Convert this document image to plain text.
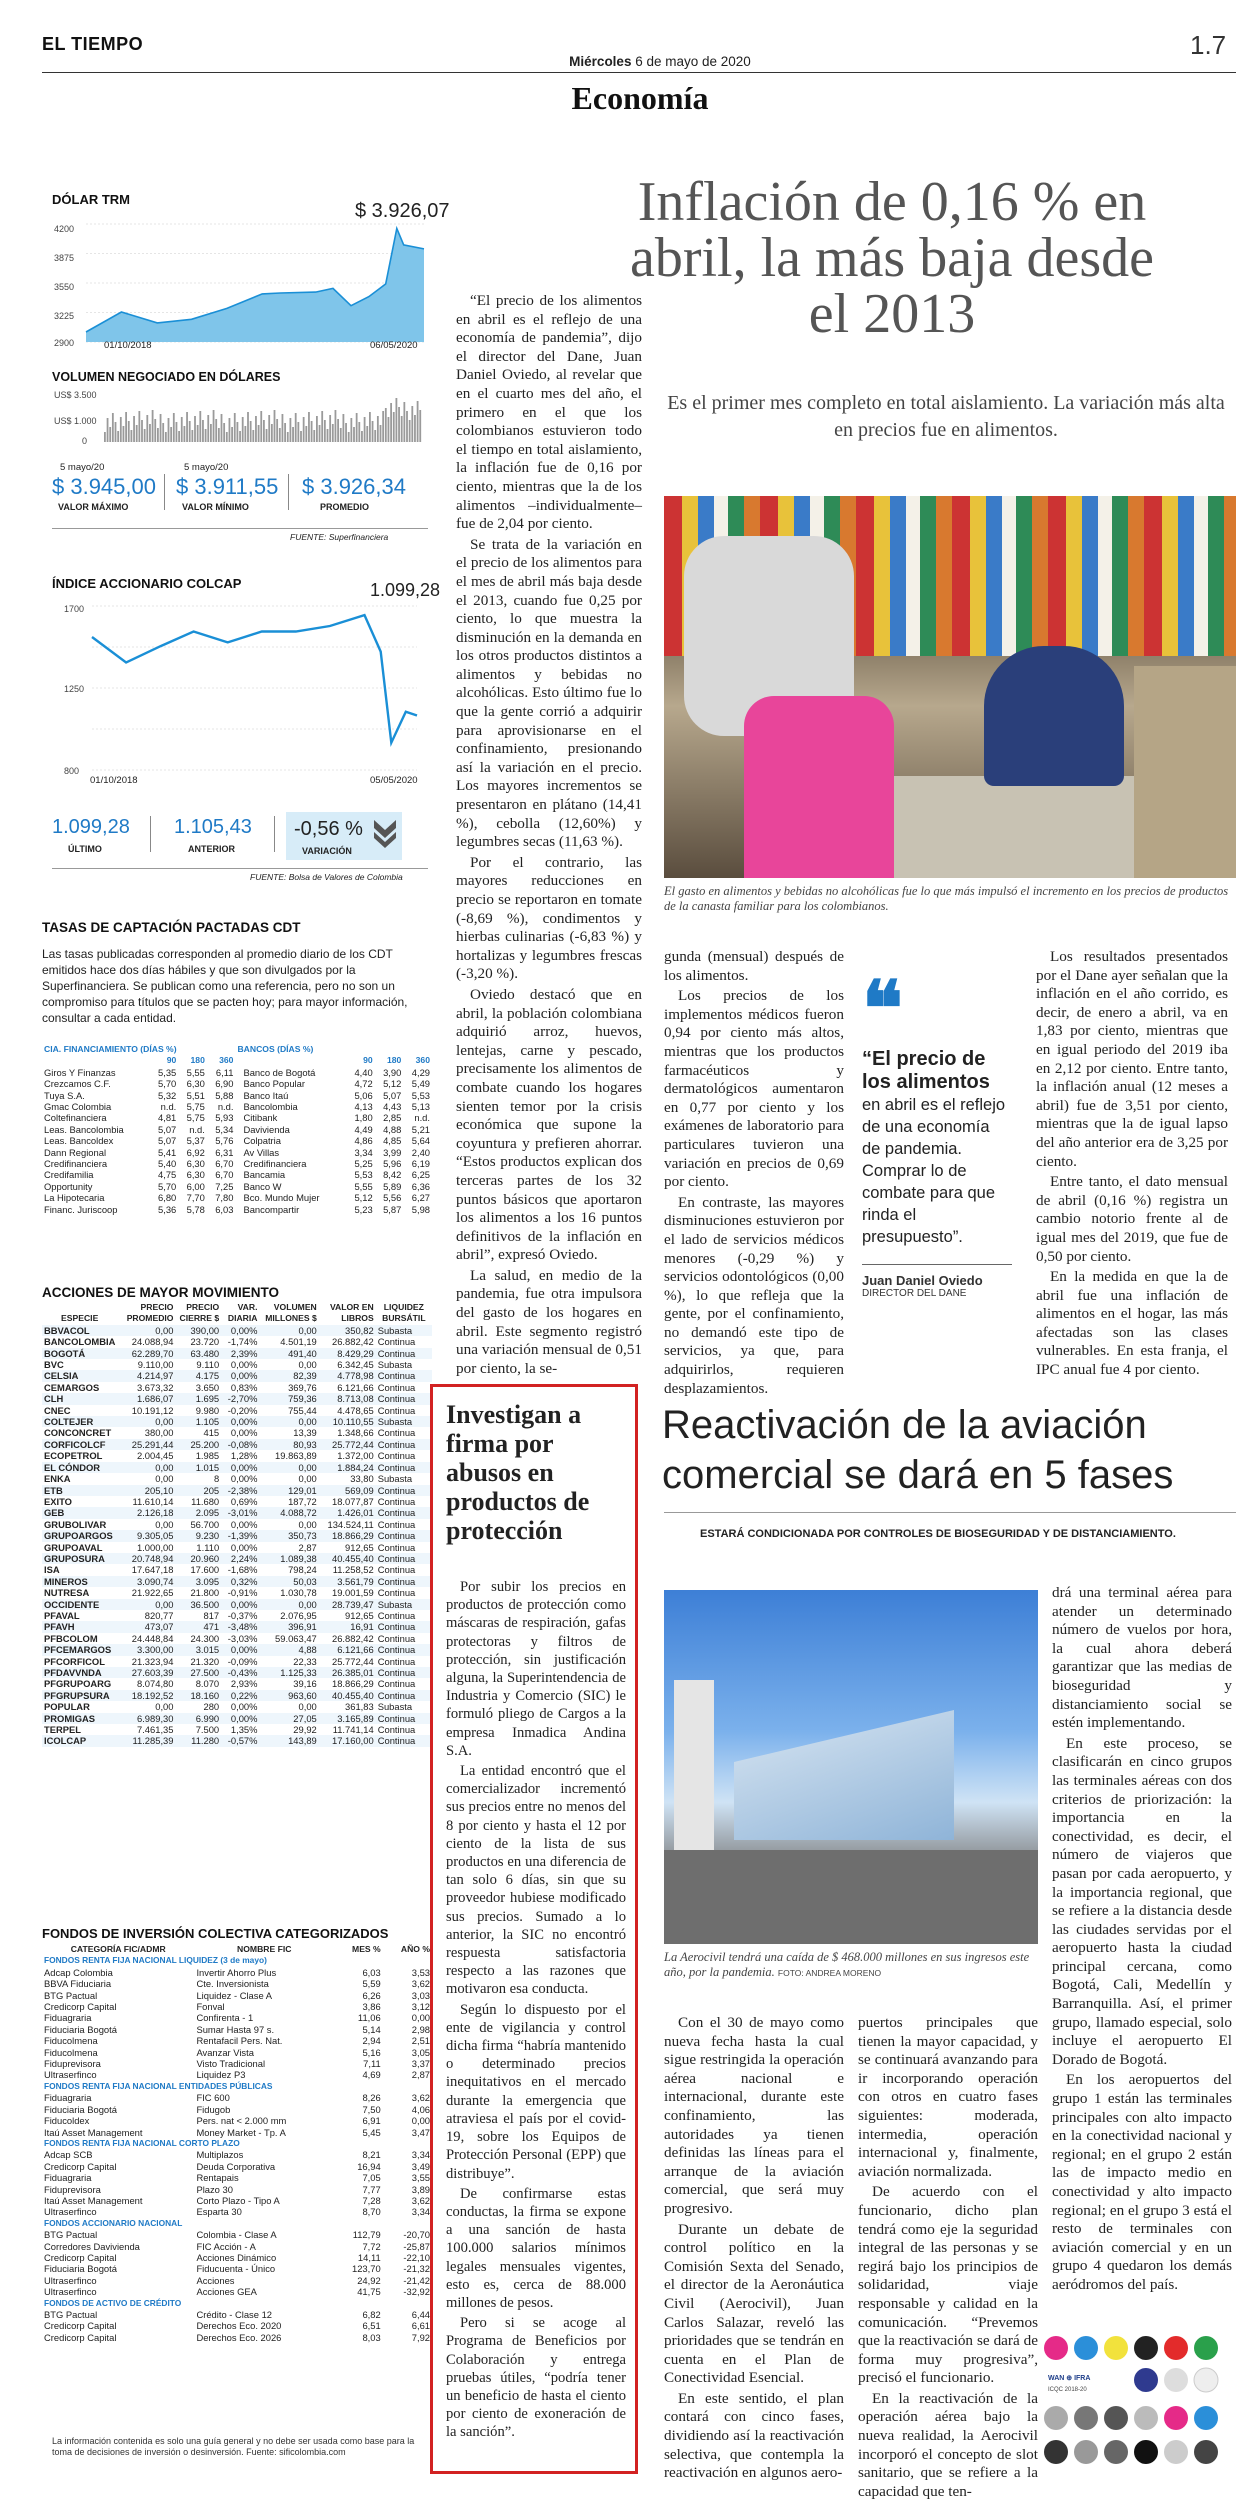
EL TIEMPO
Miércoles 6 de mayo de 2020
1.7
Economía
DÓLAR TRM
$ 3.926,07
4200
3875
3550
3225
2900	01/10/2018	06/05/2020
VOLUMEN NEGOCIADO EN DÓLARES
US$ 3.500
US$ 1.000
0
5 mayo/20
$ 3.945,00
VALOR MÁXIMO
5 mayo/20
$ 3.911,55
VALOR MÍNIMO
$ 3.926,34
PROMEDIO
FUENTE: Superfinanciera
ÍNDICE ACCIONARIO COLCAP	1.099,28
1700
1250
800
01/10/2018	05/05/2020
1.099,28
ÚLTIMO
1.105,43
ANTERIOR
-0,56 %
VARIACIÓN
FUENTE: Bolsa de Valores de Colombia
TASAS DE CAPTACIÓN PACTADAS CDT
Las tasas publicadas corresponden al promedio diario de los CDT emitidos hace dos días hábiles y que son divulgados por la Superfinanciera. Se publican como una referencia, pero no son un compromiso para títulos que se pacten hoy; para mayor información, consultar a cada entidad.
CIA. FINANCIAMIENTO (DÍAS %)				BANCOS (DÍAS %)			
	90	180	360		90	180	360
Giros Y Finanzas	5,35	5,55	6,11	Banco de Bogotá	4,40	3,90	4,29
Crezcamos C.F.	5,70	6,30	6,90	Banco Popular	4,72	5,12	5,49
Tuya S.A.	5,32	5,51	5,88	Banco Itaú	5,06	5,07	5,53
Gmac Colombia	n.d.	5,75	n.d.	Bancolombia	4,13	4,43	5,13
Coltefinanciera	4,81	5,75	5,93	Citibank	1,80	2,85	n.d.
Leas. Bancolombia	5,07	n.d.	5,34	Davivienda	4,49	4,88	5,21
Leas. Bancoldex	5,07	5,37	5,76	Colpatria	4,86	4,85	5,64
Dann Regional	5,41	6,92	6,31	Av Villas	3,34	3,99	2,40
Credifinanciera	5,40	6,30	6,70	Credifinanciera	5,25	5,96	6,19
Credifamilia	4,75	6,30	6,70	Bancamia	5,53	8,42	6,25
Opportunity	5,70	6,00	7,25	Banco W	5,55	5,89	6,36
La Hipotecaria	6,80	7,70	7,80	Bco. Mundo Mujer	5,12	5,56	6,27
Financ. Juriscoop	5,36	5,78	6,03	Bancompartir	5,23	5,87	5,98
ACCIONES DE MAYOR MOVIMIENTO
ESPECIE	PRECIO PROMEDIO	PRECIO CIERRE $	VAR. DIARIA	VOLUMEN MILLONES $	VALOR EN LIBROS	LIQUIDEZ BURSÁTIL
BBVACOL	0,00	390,00	0,00%	0,00	350,82	Subasta
BANCOLOMBIA	24.088,94	23.720	-1,74%	4.501,19	26.882,42	Continua
BOGOTÁ	62.289,70	63.480	2,39%	491,40	8.429,29	Continua
BVC	9.110,00	9.110	0,00%	0,00	6.342,45	Subasta
CELSIA	4.214,97	4.175	0,00%	82,39	4.778,98	Continua
CEMARGOS	3.673,32	3.650	0,83%	369,76	6.121,66	Continua
CLH	1.686,07	1.695	-2,70%	759,36	8.713,08	Continua
CNEC	10.191,12	9.980	-0,20%	755,44	4.478,65	Continua
COLTEJER	0,00	1.105	0,00%	0,00	10.110,55	Subasta
CONCONCRET	380,00	415	0,00%	13,39	1.348,66	Continua
CORFICOLCF	25.291,44	25.200	-0,08%	80,93	25.772,44	Continua
ECOPETROL	2.004,45	1.985	1,28%	19.863,89	1.372,00	Continua
EL CÓNDOR	0,00	1.015	0,00%	0,00	1.884,24	Continua
ENKA	0,00	8	0,00%	0,00	33,80	Subasta
ETB	205,10	205	-2,38%	129,01	569,09	Continua
EXITO	11.610,14	11.680	0,69%	187,72	18.077,87	Continua
GEB	2.126,18	2.095	-3,01%	4.088,72	1.426,01	Continua
GRUBOLIVAR	0,00	56.700	0,00%	0,00	134.524,11	Continua
GRUPOARGOS	9.305,05	9.230	-1,39%	350,73	18.866,29	Continua
GRUPOAVAL	1.000,00	1.110	0,00%	2,87	912,65	Continua
GRUPOSURA	20.748,94	20.960	2,24%	1.089,38	40.455,40	Continua
ISA	17.647,18	17.600	-1,68%	798,24	11.258,52	Continua
MINEROS	3.090,74	3.095	0,32%	50,03	3.561,79	Continua
NUTRESA	21.922,65	21.800	-0,91%	1.030,78	19.001,59	Continua
OCCIDENTE	0,00	36.500	0,00%	0,00	28.739,47	Subasta
PFAVAL	820,77	817	-0,37%	2.076,95	912,65	Continua
PFAVH	473,07	471	-3,48%	396,91	16,91	Continua
PFBCOLOM	24.448,84	24.300	-3,03%	59.063,47	26.882,42	Continua
PFCEMARGOS	3.300,00	3.015	0,00%	4,88	6.121,66	Continua
PFCORFICOL	21.323,94	21.320	-0,09%	22,33	25.772,44	Continua
PFDAVVNDA	27.603,39	27.500	-0,43%	1.125,33	26.385,01	Continua
PFGRUPOARG	8.074,80	8.070	2,93%	39,16	18.866,29	Continua
PFGRUPSURA	18.192,52	18.160	0,22%	963,60	40.455,40	Continua
POPULAR	0,00	280	0,00%	0,00	361,83	Subasta
PROMIGAS	6.989,30	6.990	0,00%	27,05	3.165,89	Continua
TERPEL	7.461,35	7.500	1,35%	29,92	11.741,14	Continua
ICOLCAP	11.285,39	11.280	-0,57%	143,89	17.160,00	Continua
FONDOS DE INVERSIÓN COLECTIVA CATEGORIZADOS
CATEGORÍA FIC/ADMR	NOMBRE FIC	MES %	AÑO %
FONDOS RENTA FIJA NACIONAL LIQUIDEZ (3 de mayo)			
Adcap Colombia	Invertir Ahorro Plus	6,03	3,53
BBVA Fiduciaria	Cte. Inversionista	5,59	3,62
BTG Pactual	Liquidez - Clase A	6,26	3,03
Credicorp Capital	Fonval	3,86	3,12
Fiduagraria	Confirenta - 1	11,06	0,00
Fiduciaria Bogotá	Sumar Hasta 97 s.	5,14	2,98
Fiducolmena	Rentafacil Pers. Nat.	2,94	2,51
Fiducolmena	Avanzar Vista	5,16	3,05
Fiduprevisora	Visto Tradicional	7,11	3,37
Ultraserfinco	Liquidez P3	4,69	2,87
FONDOS RENTA FIJA NACIONAL ENTIDADES PÚBLICAS			
Fiduagraria	FIC 600	8,26	3,62
Fiduciaria Bogotá	Fidugob	7,50	4,06
Fiducoldex	Pers. nat < 2.000 mm	6,91	0,00
Itaú Asset Management	Money Market - Tp. A	5,45	3,47
FONDOS RENTA FIJA NACIONAL CORTO PLAZO			
Adcap SCB	Multiplazos	8,21	3,34
Credicorp Capital	Deuda Corporativa	16,94	3,49
Fiduagraria	Rentapais	7,05	3,55
Fiduprevisora	Plazo 30	7,77	3,89
Itaú Asset Management	Corto Plazo - Tipo A	7,28	3,62
Ultraserfinco	Esparta 30	8,70	3,34
FONDOS ACCIONARIO NACIONAL			
BTG Pactual	Colombia - Clase A	112,79	-20,70
Corredores Davivienda	FIC Acción - A	7,72	-25,87
Credicorp Capital	Acciones Dinámico	14,11	-22,10
Fiduciaria Bogotá	Fiducuenta - Único	123,70	-21,32
Ultraserfinco	Acciones	24,92	-21,42
Ultraserfinco	Acciones GEA	41,75	-32,92
FONDOS DE ACTIVO DE CRÉDITO			
BTG Pactual	Crédito - Clase 12	6,82	6,44
Credicorp Capital	Derechos Eco. 2020	6,51	6,61
Credicorp Capital	Derechos Eco. 2026	8,03	7,92
La información contenida es solo una guía general y no debe ser usada como base para la toma de decisiones de inversión o desinversión. Fuente: sificolombia.com
Inflación de 0,16 % en abril, la más baja desde el 2013
Es el primer mes completo en total aislamiento. La variación más alta en precios fue en alimentos.
El gasto en alimentos y bebidas no alcohólicas fue lo que más impulsó el incremento en los precios de productos de la canasta familiar para los colombianos.

“El precio de los alimentos en abril es el reflejo de una economía de pandemia”, dijo el director del Dane, Juan Daniel Oviedo, al revelar que en el cuarto mes del año, el primero en el que los colombianos estuvieron todo el tiempo en total aislamiento, la inflación fue de 0,16 por ciento, mientras que la de los alimentos –individualmente– fue de 2,04 por ciento.

Se trata de la variación en el precio de los alimentos para el mes de abril más baja desde el 2013, cuando fue 0,25 por ciento, lo que muestra la disminución en la demanda en los otros productos distintos a alimentos y bebidas no alcohólicas. Esto último fue lo que la gente corrió a adquirir para aprovisionarse en el confinamiento, presionando así la variación en el precio. Los mayores incrementos se presentaron en plátano (14,41 %), cebolla (12,60%) y legumbres secas (11,63 %).

Por el contrario, las mayores reducciones en precio se reportaron en tomate (-8,69 %), condimentos y hierbas culinarias (-6,83 %) y hortalizas y legumbres frescas (-3,20 %).

Oviedo destacó que en abril, la población colombiana adquirió arroz, huevos, lentejas, carne y pescado, precisamente los alimentos de combate cuando los hogares sienten temor por la crisis económica que supone la coyuntura y prefieren ahorrar. “Estos productos explican dos terceras partes de los 32 puntos básicos que aportaron los alimentos a los 16 puntos definitivos de la inflación en abril”, expresó Oviedo.

La salud, en medio de la pandemia, fue otra impulsora del gasto de los hogares en abril. Este segmento registró una variación mensual de 0,51 por ciento, la se-

gunda (mensual) después de los alimentos.

Los precios de los implementos médicos fueron 0,94 por ciento más altos, mientras que los productos farmacéuticos y dermatológicos aumentaron en 0,77 por ciento y los exámenes de laboratorio para particulares tuvieron una variación en precios de 0,69 por ciento.

En contraste, las mayores disminuciones estuvieron por el lado de servicios médicos menores (-0,29 %) y servicios odontológicos (0,00 %), lo que refleja que la gente, por el confinamiento, no demandó este tipo de servicios, ya que, para adquirirlos, requieren desplazamientos.

❝
“El precio de los alimentos
en abril es el reflejo de una economía de pandemia. Comprar lo de combate para que rinda el presupuesto”.
Juan Daniel Oviedo
DIRECTOR DEL DANE

Los resultados presentados por el Dane ayer señalan que la inflación en el año corrido, es decir, de enero a abril, va en 1,83 por ciento, mientras que en igual periodo del 2019 iba en 2,12 por ciento. Entre tanto, la inflación anual (12 meses a abril) fue de 3,51 por ciento, mientras que la de igual lapso del año anterior era de 3,25 por ciento.

Entre tanto, el dato mensual de abril (0,16 %) registra un cambio notorio frente al de igual mes del 2019, que fue de 0,50 por ciento.

En la medida en que la de abril fue una inflación de alimentos en el hogar, las más afectadas son las clases vulnerables. En esta franja, el IPC anual fue 4 por ciento.

Investigan a firma por abusos en productos de protección

Por subir los precios en productos de protección como máscaras de respiración, gafas protectoras y filtros de protección, sin justificación alguna, la Superintendencia de Industria y Comercio (SIC) le formuló pliego de Cargos a la empresa Inmadica Andina S.A.

La entidad encontró que el comercializador incrementó sus precios entre no menos del 8 por ciento y hasta el 12 por ciento de la lista de sus productos en una diferencia de tan solo 6 días, sin que su proveedor hubiese modificado sus precios. Sumado a lo anterior, la SIC no encontró respuesta satisfactoria respecto a las razones que motivaron esa conducta.

Según lo dispuesto por el ente de vigilancia y control dicha firma “habría mantenido o determinado precios inequitativos en el mercado durante la emergencia que atraviesa el país por el covid-19, sobre los Equipos de Protección Personal (EPP) que distribuye”.

De confirmarse estas conductas, la firma se expone a una sanción de hasta 100.000 salarios mínimos legales mensuales vigentes, esto es, cerca de 88.000 millones de pesos.

Pero si se acoge al Programa de Beneficios por Colaboración y entrega pruebas útiles, “podría tener un beneficio de hasta el ciento por ciento de exoneración de la sanción”.

Reactivación de la aviación comercial se dará en 5 fases
ESTARÁ CONDICIONADA POR CONTROLES DE BIOSEGURIDAD Y DE DISTANCIAMIENTO.
La Aerocivil tendrá una caída de $ 468.000 millones en sus ingresos este año, por la pandemia. FOTO: ANDREA MORENO

drá una terminal aérea para atender un determinado número de vuelos por hora, la cual ahora deberá garantizar que las medias de bioseguridad y distanciamiento social se estén implementando.

En este proceso, se clasificarán en cinco grupos las terminales aéreas con dos criterios de priorización: la importancia en la conectividad, es decir, el número de viajeros que pasan por cada aeropuerto, y la importancia regional, que se refiere a la distancia desde las ciudades servidas por el aeropuerto hasta la ciudad principal cercana, como Bogotá, Cali, Medellín y Barranquilla. Así, el primer grupo, llamado especial, solo incluye el aeropuerto El Dorado de Bogotá.

En los aeropuertos del grupo 1 están las terminales principales con alto impacto en la conectividad nacional y regional; en el grupo 2 están las de impacto medio en conectividad y alto impacto regional; en el grupo 3 está el resto de terminales con aviación comercial y en un grupo 4 quedaron los demás aeródromos del país.

Con el 30 de mayo como nueva fecha hasta la cual sigue restringida la operación aérea nacional e internacional, durante este confinamiento, las autoridades ya tienen definidas las líneas para el arranque de la aviación comercial, que será muy progresivo.

Durante un debate de control político en la Comisión Sexta del Senado, el director de la Aeronáutica Civil (Aerocivil), Juan Carlos Salazar, reveló las prioridades que se tendrán en cuenta en el Plan de Conectividad Esencial.

En este sentido, el plan contará con cinco fases, dividiendo así la reactivación selectiva, que contempla la reactivación en algunos aero-

puertos principales que tienen la mayor capacidad, y se continuará avanzando para ir incorporando operación con otros en cuatro fases siguientes: moderada, intermedia, operación internacional y, finalmente, aviación normalizada.

De acuerdo con el funcionario, dicho plan tendrá como eje la seguridad integral de las personas y se regirá bajo los principios de solidaridad, viaje responsable y calidad en la comunicación. “Prevemos que la reactivación se dará de forma muy progresiva”, precisó el funcionario.

En la reactivación de la operación aérea bajo la nueva realidad, la Aerocivil incorporó el concepto de slot sanitario, que se refiere a la capacidad que ten-

WAN ⊕ IFRA
ICQC 2018-20
